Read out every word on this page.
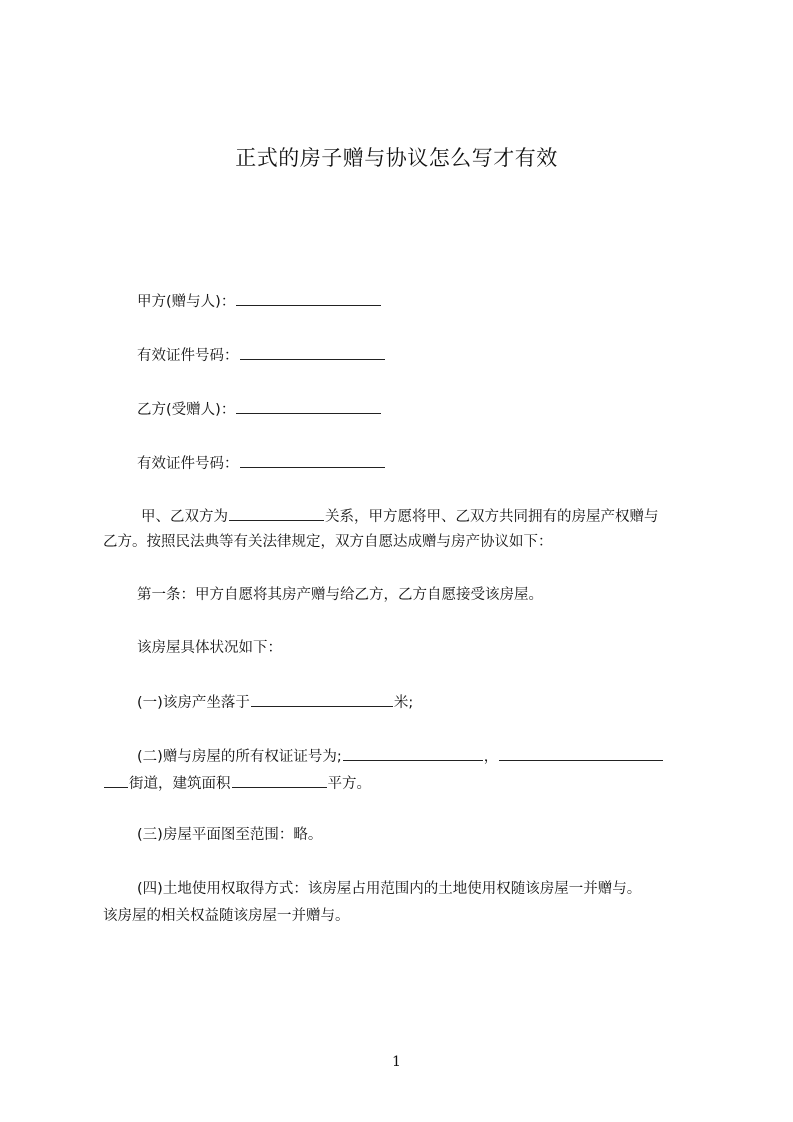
正式的房子赠与协议怎么写才有效
甲方(赠与人)：
有效证件号码：
乙方(受赠人)：
有效证件号码：
甲、乙双方为	关系，甲方愿将甲、乙双方共同拥有的房屋产权赠与
乙方。按照民法典等有关法律规定，双方自愿达成赠与房产协议如下：
第一条：甲方自愿将其房产赠与给乙方，乙方自愿接受该房屋。
该房屋具体状况如下：
(一)该房产坐落于	米;
(二)赠与房屋的所有权证证号为;	，
街道，建筑面积	平方。
(三)房屋平面图至范围：略。
(四)土地使用权取得方式：该房屋占用范围内的土地使用权随该房屋一并赠与。
该房屋的相关权益随该房屋一并赠与。
1
